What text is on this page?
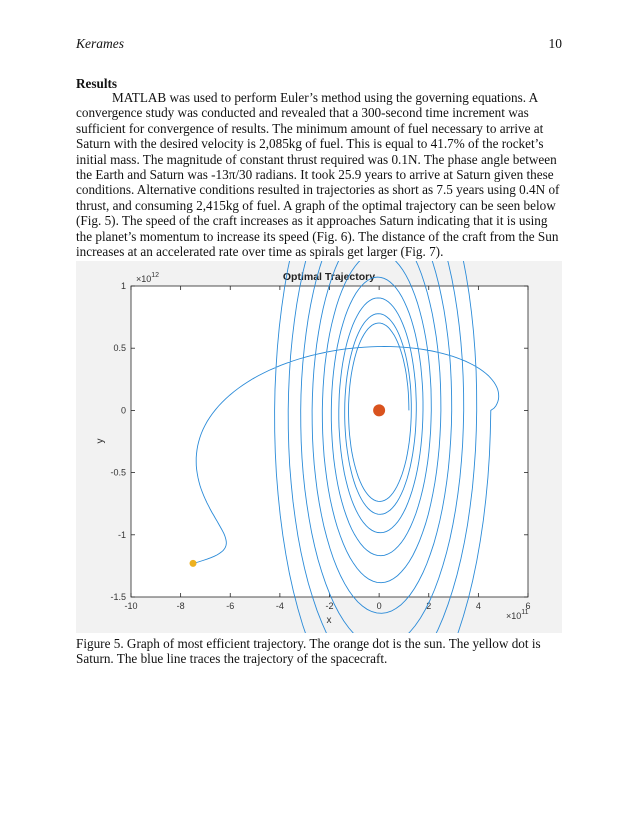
Kerames	10
Results
MATLAB was used to perform Euler’s method using the governing equations. A convergence study was conducted and revealed that a 300-second time increment was sufficient for convergence of results. The minimum amount of fuel necessary to arrive at Saturn with the desired velocity is 2,085kg of fuel. This is equal to 41.7% of the rocket’s initial mass. The magnitude of constant thrust required was 0.1N. The phase angle between the Earth and Saturn was -13π/30 radians. It took 25.9 years to arrive at Saturn given these conditions. Alternative conditions resulted in trajectories as short as 7.5 years using 0.4N of thrust, and consuming 2,415kg of fuel. A graph of the optimal trajectory can be seen below (Fig. 5). The speed of the craft increases as it approaches Saturn indicating that it is using the planet’s momentum to increase its speed (Fig. 6). The distance of the craft from the Sun increases at an accelerated rate over time as spirals get larger (Fig. 7).
Optimal Trajectory
x
y
$\times 10^{12}$
$\times 10^{11}$
-10	-8	-6	-4	-2	0	2	4	6
-1.5
-1
-0.5
0
0.5
1
Figure 5. Graph of most efficient trajectory. The orange dot is the sun. The yellow dot is Saturn. The blue line traces the trajectory of the spacecraft.
